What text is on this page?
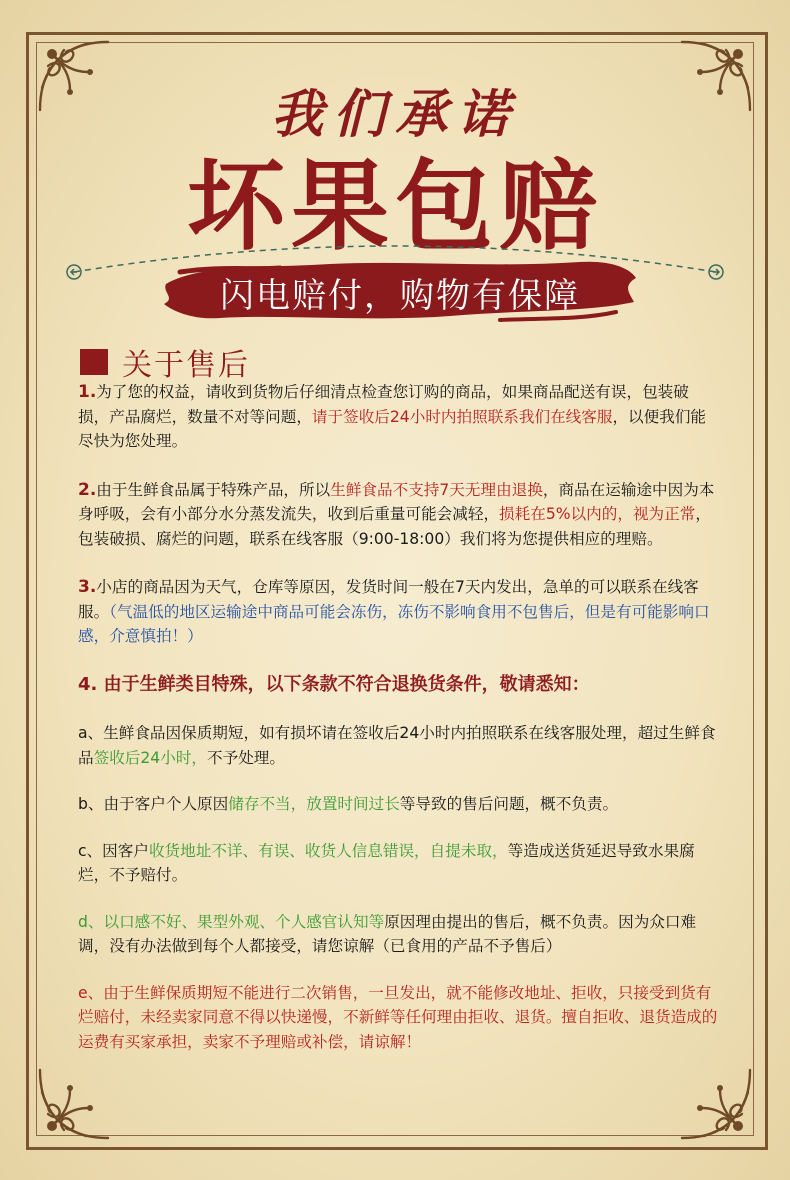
我们承诺
坏果包赔
闪电赔付，购物有保障
关于售后

1.为了您的权益，请收到货物后仔细清点检查您订购的商品，如果商品配送有误，包装破损，产品腐烂，数量不对等问题，请于签收后24小时内拍照联系我们在线客服，以便我们能尽快为您处理。

2.由于生鲜食品属于特殊产品，所以生鲜食品不支持7天无理由退换，商品在运输途中因为本身呼吸，会有小部分水分蒸发流失，收到后重量可能会减轻，损耗在5%以内的，视为正常，包装破损、腐烂的问题，联系在线客服（9:00-18:00）我们将为您提供相应的理赔。

3.小店的商品因为天气，仓库等原因，发货时间一般在7天内发出，急单的可以联系在线客服。（气温低的地区运输途中商品可能会冻伤，冻伤不影响食用不包售后，但是有可能影响口感，介意慎拍！）

4. 由于生鲜类目特殊，以下条款不符合退换货条件，敬请悉知：

a、生鲜食品因保质期短，如有损坏请在签收后24小时内拍照联系在线客服处理，超过生鲜食品签收后24小时，不予处理。

b、由于客户个人原因储存不当，放置时间过长等导致的售后问题，概不负责。

c、因客户收货地址不详、有误、收货人信息错误，自提未取，等造成送货延迟导致水果腐烂，不予赔付。

d、以口感不好、果型外观、个人感官认知等原因理由提出的售后，概不负责。因为众口难调，没有办法做到每个人都接受，请您谅解（已食用的产品不予售后）

e、由于生鲜保质期短不能进行二次销售，一旦发出，就不能修改地址、拒收，只接受到货有烂赔付，未经卖家同意不得以快递慢，不新鲜等任何理由拒收、退货。擅自拒收、退货造成的运费有买家承担，卖家不予理赔或补偿，请谅解！
